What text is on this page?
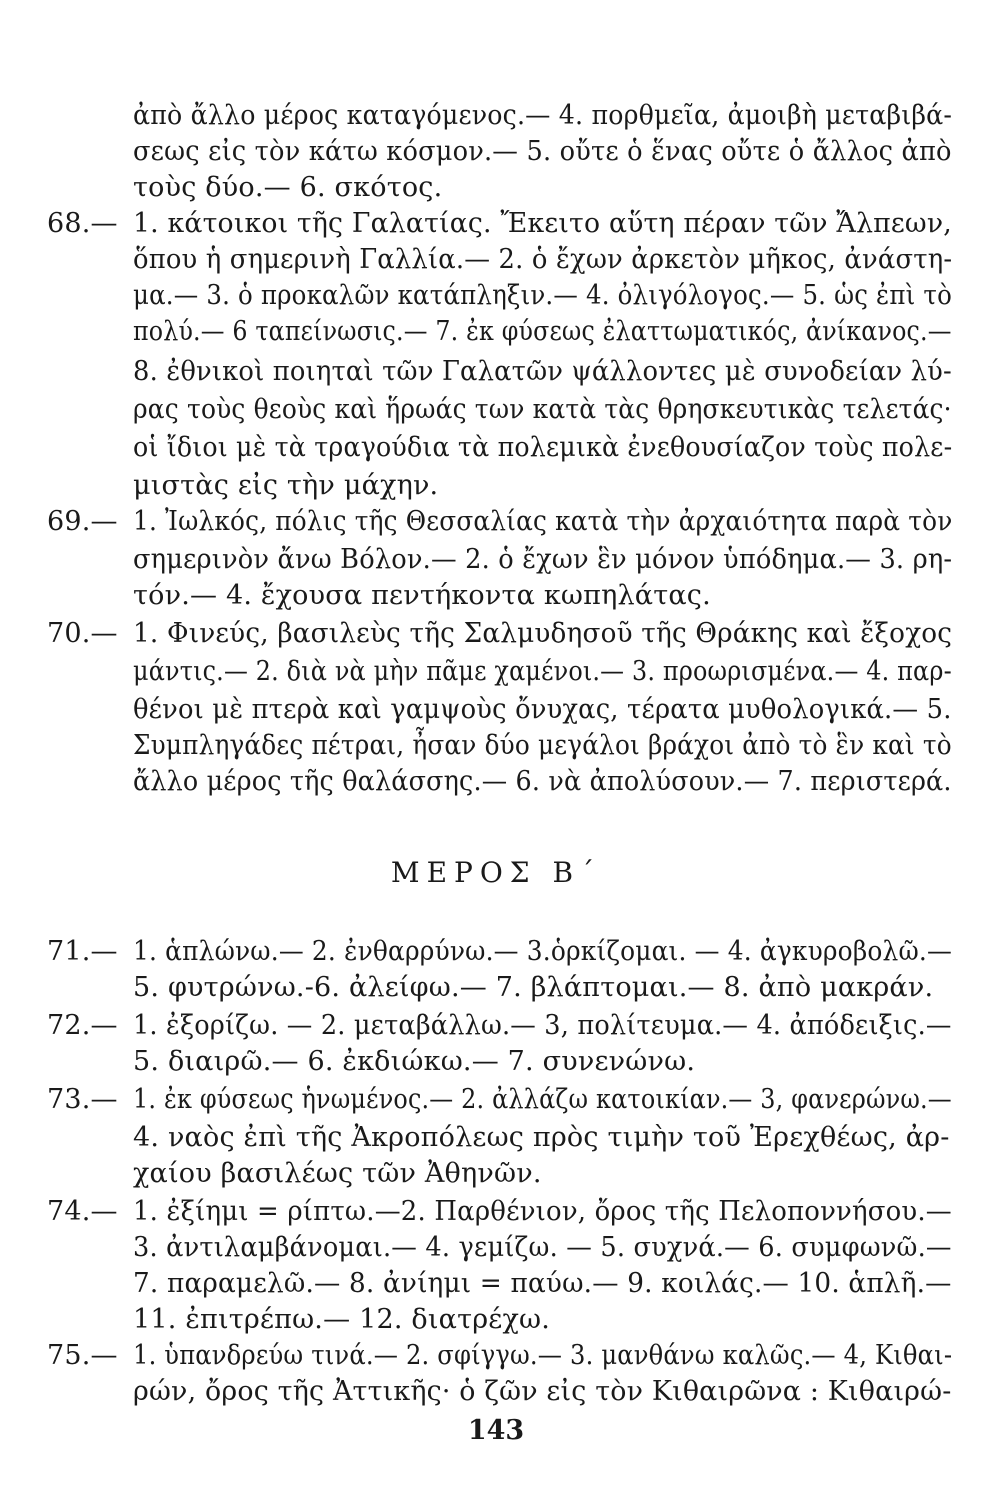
ἀπὸ ἄλλο μέρος καταγόμενος.— 4. πορθμεῖα, ἀμοιβὴ μεταβιβά-
σεως εἰς τὸν κάτω κόσμον.— 5. οὔτε ὁ ἕνας οὔτε ὁ ἄλλος ἀπὸ
τοὺς δύο.— 6. σκότος.
68.— 1. κάτοικοι τῆς Γαλατίας. Ἔκειτο αὕτη πέραν τῶν Ἄλπεων,
ὅπου ἡ σημερινὴ Γαλλία.— 2. ὁ ἔχων ἀρκετὸν μῆκος, ἀνάστη-
μα.— 3. ὁ προκαλῶν κατάπληξιν.— 4. ὀλιγόλογος.— 5. ὡς ἐπὶ τὸ
πολύ.— 6 ταπείνωσις.— 7. ἐκ φύσεως ἐλαττωματικός, ἀνίκανος.—
8. ἐθνικοὶ ποιηταὶ τῶν Γαλατῶν ψάλλοντες μὲ συνοδείαν λύ-
ρας τοὺς θεοὺς καὶ ἥρωάς των κατὰ τὰς θρησκευτικὰς τελετάς·
οἱ ἴδιοι μὲ τὰ τραγούδια τὰ πολεμικὰ ἐνεθουσίαζον τοὺς πολε-
μιστὰς εἰς τὴν μάχην.
69.— 1. Ἰωλκός, πόλις τῆς Θεσσαλίας κατὰ τὴν ἀρχαιότητα παρὰ τὸν
σημερινὸν ἄνω Βόλον.— 2. ὁ ἔχων ἓν μόνον ὑπόδημα.— 3. ρη-
τόν.— 4. ἔχουσα πεντήκοντα κωπηλάτας.
70.— 1. Φινεύς, βασιλεὺς τῆς Σαλμυδησοῦ τῆς Θράκης καὶ ἔξοχος
μάντις.— 2. διὰ νὰ μὴν πᾶμε χαμένοι.— 3. προωρισμένα.— 4. παρ-
θένοι μὲ πτερὰ καὶ γαμψοὺς ὄνυχας, τέρατα μυθολογικά.— 5.
Συμπληγάδες πέτραι, ἦσαν δύο μεγάλοι βράχοι ἀπὸ τὸ ἓν καὶ τὸ
ἄλλο μέρος τῆς θαλάσσης.— 6. νὰ ἀπολύσουν.— 7. περιστερά.
ΜΕΡΟΣ Β΄
71.— 1. ἁπλώνω.— 2. ἐνθαρρύνω.— 3.ὁρκίζομαι. — 4. ἀγκυροβολῶ.—
5. φυτρώνω.-6. ἀλείφω.— 7. βλάπτομαι.— 8. ἀπὸ μακράν.
72.— 1. ἐξορίζω. — 2. μεταβάλλω.— 3, πολίτευμα.— 4. ἀπόδειξις.—
5. διαιρῶ.— 6. ἐκδιώκω.— 7. συνενώνω.
73.— 1. ἐκ φύσεως ἡνωμένος.— 2. ἀλλάζω κατοικίαν.— 3, φανερώνω.—
4. ναὸς ἐπὶ τῆς Ἀκροπόλεως πρὸς τιμὴν τοῦ Ἐρεχθέως, ἀρ-
χαίου βασιλέως τῶν Ἀθηνῶν.
74.— 1. ἐξίημι = ρίπτω.—2. Παρθένιον, ὄρος τῆς Πελοποννήσου.—
3. ἀντιλαμβάνομαι.— 4. γεμίζω. — 5. συχνά.— 6. συμφωνῶ.—
7. παραμελῶ.— 8. ἀνίημι = παύω.— 9. κοιλάς.— 10. ἁπλῆ.—
11. ἐπιτρέπω.— 12. διατρέχω.
75.— 1. ὑπανδρεύω τινά.— 2. σφίγγω.— 3. μανθάνω καλῶς.— 4, Κιθαι-
ρών, ὄρος τῆς Ἀττικῆς· ὁ ζῶν εἰς τὸν Κιθαιρῶνα : Κιθαιρώ-
143
